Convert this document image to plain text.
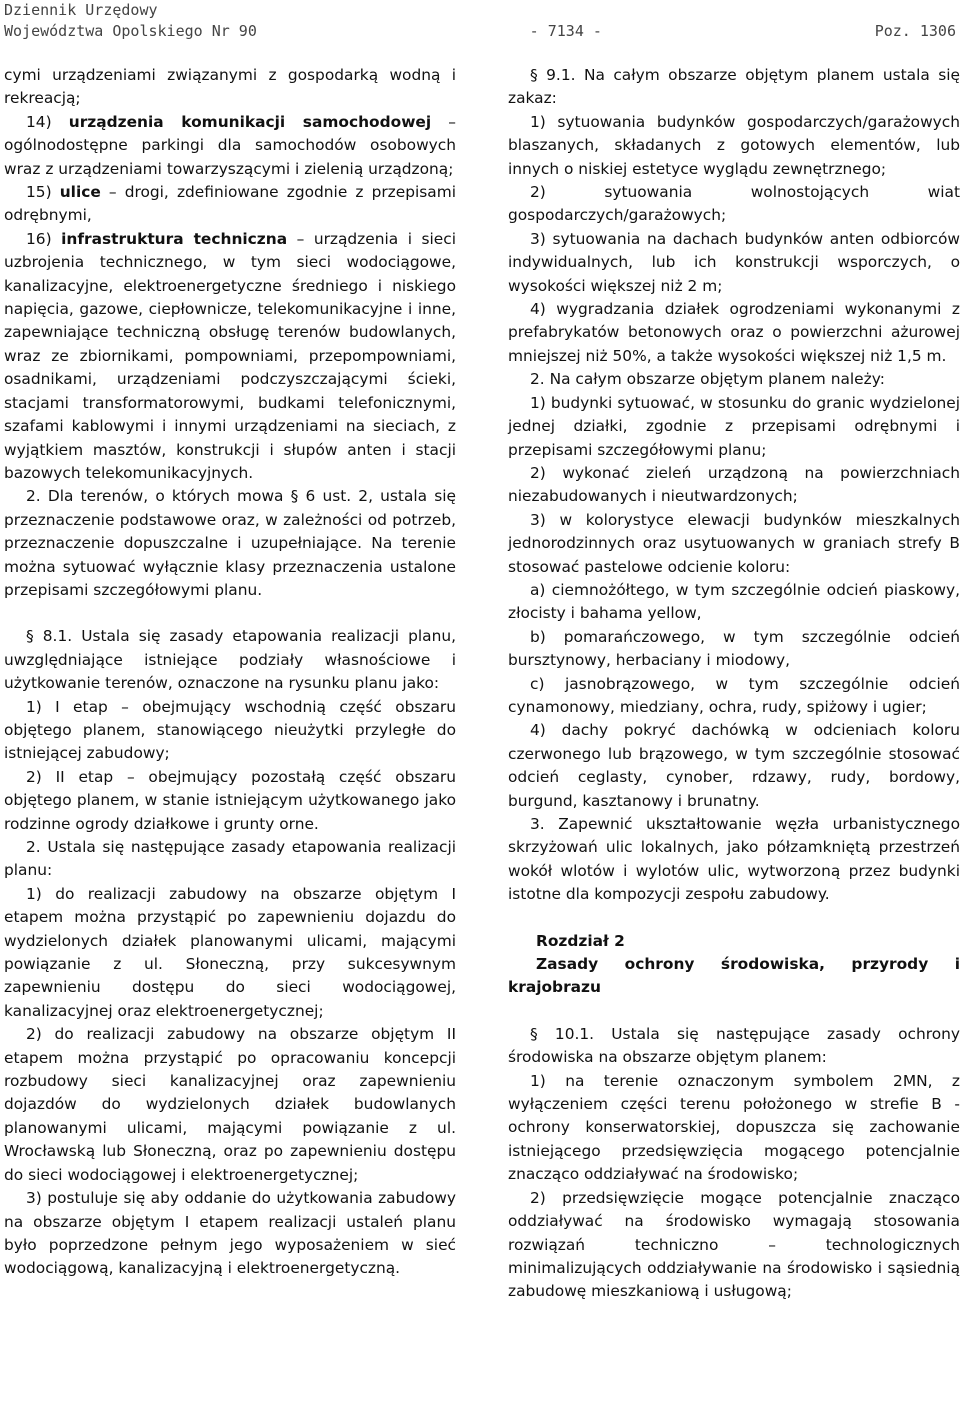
Dziennik Urzędowy
Województwa Opolskiego Nr 90	- 7134 -	Poz. 1306

cymi urządzeniami związanymi z gospodarką wodną i rekreacją;

14) urządzenia komunikacji samochodowej – ogólnodostępne parkingi dla samochodów osobowych wraz z urządzeniami towarzyszącymi i zielenią urządzoną;

15) ulice – drogi, zdefiniowane zgodnie z przepisami odrębnymi,

16) infrastruktura techniczna – urządzenia i sieci uzbrojenia technicznego, w tym sieci wodociągowe, kanalizacyjne, elektroenergetyczne średniego i niskiego napięcia, gazowe, ciepłownicze, telekomunikacyjne i inne, zapewniające techniczną obsługę terenów budowlanych, wraz ze zbiornikami, pompowniami, przepompowniami, osadnikami, urządzeniami podczyszczającymi ścieki, stacjami transformatorowymi, budkami telefonicznymi, szafami kablowymi i innymi urządzeniami na sieciach, z wyjątkiem masztów, konstrukcji i słupów anten i stacji bazowych telekomunikacyjnych.

2. Dla terenów, o których mowa § 6 ust. 2, ustala się przeznaczenie podstawowe oraz, w zależności od potrzeb, przeznaczenie dopuszczalne i uzupełniające. Na terenie można sytuować wyłącznie klasy przeznaczenia ustalone przepisami szczegółowymi planu.

§ 8.1. Ustala się zasady etapowania realizacji planu, uwzględniające istniejące podziały własnościowe i użytkowanie terenów, oznaczone na rysunku planu jako:

1) I etap – obejmujący wschodnią część obszaru objętego planem, stanowiącego nieużytki przyległe do istniejącej zabudowy;

2) II etap – obejmujący pozostałą część obszaru objętego planem, w stanie istniejącym użytkowanego jako rodzinne ogrody działkowe i grunty orne.

2. Ustala się następujące zasady etapowania realizacji planu:

1) do realizacji zabudowy na obszarze objętym I etapem można przystąpić po zapewnieniu dojazdu do wydzielonych działek planowanymi ulicami, mającymi powiązanie z ul. Słoneczną, przy sukcesywnym zapewnieniu dostępu do sieci wodociągowej, kanalizacyjnej oraz elektroenergetycznej;

2) do realizacji zabudowy na obszarze objętym II etapem można przystąpić po opracowaniu koncepcji rozbudowy sieci kanalizacyjnej oraz zapewnieniu dojazdów do wydzielonych działek budowlanych planowanymi ulicami, mającymi powiązanie z ul. Wrocławską lub Słoneczną, oraz po zapewnieniu dostępu do sieci wodociągowej i elektroenergetycznej;

3) postuluje się aby oddanie do użytkowania zabudowy na obszarze objętym I etapem realizacji ustaleń planu było poprzedzone pełnym jego wyposażeniem w sieć wodociągową, kanalizacyjną i elektroenergetyczną.

§ 9.1. Na całym obszarze objętym planem ustala się zakaz:

1) sytuowania budynków gospodarczych/garażowych blaszanych, składanych z gotowych elementów, lub innych o niskiej estetyce wyglądu zewnętrznego;

2) sytuowania wolnostojących wiat gospodarczych/garażowych;

3) sytuowania na dachach budynków anten odbiorców indywidualnych, lub ich konstrukcji wsporczych, o wysokości większej niż 2 m;

4) wygradzania działek ogrodzeniami wykonanymi z prefabrykatów betonowych oraz o powierzchni ażurowej mniejszej niż 50%, a także wysokości większej niż 1,5 m.

2. Na całym obszarze objętym planem należy:

1) budynki sytuować, w stosunku do granic wydzielonej jednej działki, zgodnie z przepisami odrębnymi i przepisami szczegółowymi planu;

2) wykonać zieleń urządzoną na powierzchniach niezabudowanych i nieutwardzonych;

3) w kolorystyce elewacji budynków mieszkalnych jednorodzinnych oraz usytuowanych w graniach strefy B stosować pastelowe odcienie koloru:

a) ciemnożółtego, w tym szczególnie odcień piaskowy, złocisty i bahama yellow,

b) pomarańczowego, w tym szczególnie odcień bursztynowy, herbaciany i miodowy,

c) jasnobrązowego, w tym szczególnie odcień cynamonowy, miedziany, ochra, rudy, spiżowy i ugier;

4) dachy pokryć dachówką w odcieniach koloru czerwonego lub brązowego, w tym szczególnie stosować odcień ceglasty, cynober, rdzawy, rudy, bordowy, burgund, kasztanowy i brunatny.

3. Zapewnić ukształtowanie węzła urbanistycznego skrzyżowań ulic lokalnych, jako półzamkniętą przestrzeń wokół wlotów i wylotów ulic, wytworzoną przez budynki istotne dla kompozycji zespołu zabudowy.

Rozdział 2

Zasady ochrony środowiska, przyrody i krajobrazu

§ 10.1. Ustala się następujące zasady ochrony środowiska na obszarze objętym planem:

1) na terenie oznaczonym symbolem 2MN, z wyłączeniem części terenu położonego w strefie B - ochrony konserwatorskiej, dopuszcza się zachowanie istniejącego przedsięwzięcia mogącego potencjalnie znacząco oddziaływać na środowisko;

2) przedsięwzięcie mogące potencjalnie znacząco oddziaływać na środowisko wymagają stosowania rozwiązań techniczno – technologicznych minimalizujących oddziaływanie na środowisko i sąsiednią zabudowę mieszkaniową i usługową;
